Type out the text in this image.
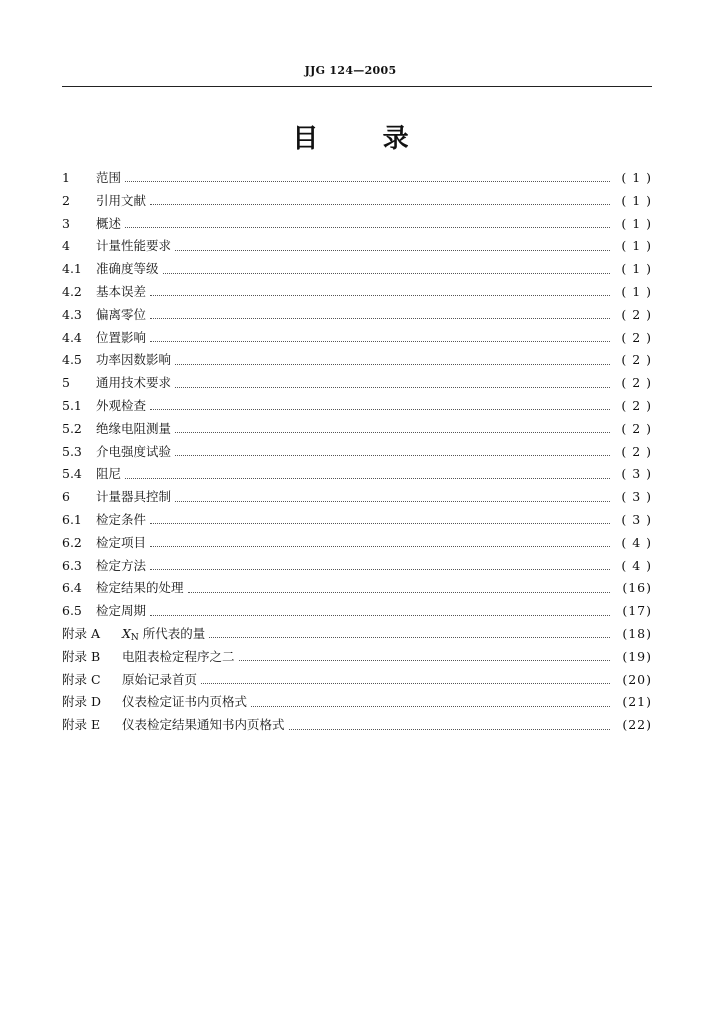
JJG 124—2005
目 录
1	范围	( 1 )
2	引用文献	( 1 )
3	概述	( 1 )
4	计量性能要求	( 1 )
4.1	准确度等级	( 1 )
4.2	基本误差	( 1 )
4.3	偏离零位	( 2 )
4.4	位置影响	( 2 )
4.5	功率因数影响	( 2 )
5	通用技术要求	( 2 )
5.1	外观检查	( 2 )
5.2	绝缘电阻测量	( 2 )
5.3	介电强度试验	( 2 )
5.4	阻尼	( 3 )
6	计量器具控制	( 3 )
6.1	检定条件	( 3 )
6.2	检定项目	( 4 )
6.3	检定方法	( 4 )
6.4	检定结果的处理	(16)
6.5	检定周期	(17)
附录 A	$X_N$ 所代表的量	(18)
附录 B	电阻表检定程序之二	(19)
附录 C	原始记录首页	(20)
附录 D	仪表检定证书内页格式	(21)
附录 E	仪表检定结果通知书内页格式	(22)
